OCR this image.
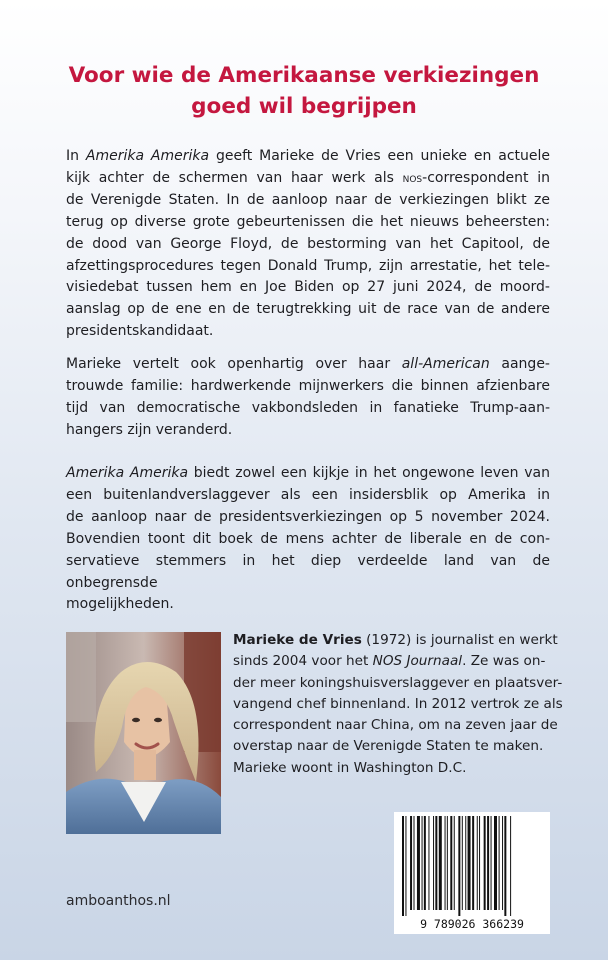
Voor wie de Amerikaanse verkiezingen
goed wil begrijpen

In Amerika Amerika geeft Marieke de Vries een unieke en actuele
kijk achter de schermen van haar werk als nos-correspondent in
de Verenigde Staten. In de aanloop naar de verkiezingen blikt ze
terug op diverse grote gebeurtenissen die het nieuws beheersten:
de dood van George Floyd, de bestorming van het Capitool, de
afzettingsprocedures tegen Donald Trump, zijn arrestatie, het tele-
visiedebat tussen hem en Joe Biden op 27 juni 2024, de moord-
aanslag op de ene en de terugtrekking uit de race van de andere
presidentskandidaat.

Marieke vertelt ook openhartig over haar all-American aange-
trouwde familie: hardwerkende mijnwerkers die binnen afzienbare
tijd van democratische vakbondsleden in fanatieke Trump-aan-
hangers zijn veranderd.

Amerika Amerika biedt zowel een kijkje in het ongewone leven van
een buitenlandverslaggever als een insidersblik op Amerika in
de aanloop naar de presidentsverkiezingen op 5 november 2024.
Bovendien toont dit boek de mens achter de liberale en de con-
servatieve stemmers in het diep verdeelde land van de onbegrensde
mogelijkheden.

Marieke de Vries (1972) is journalist en werkt
sinds 2004 voor het NOS Journaal. Ze was on-
der meer koningshuisverslaggever en plaatsver-
vangend chef binnenland. In 2012 vertrok ze als
correspondent naar China, om na zeven jaar de
overstap naar de Verenigde Staten te maken.
Marieke woont in Washington D.C.

9 789026 366239

amboanthos.nl
